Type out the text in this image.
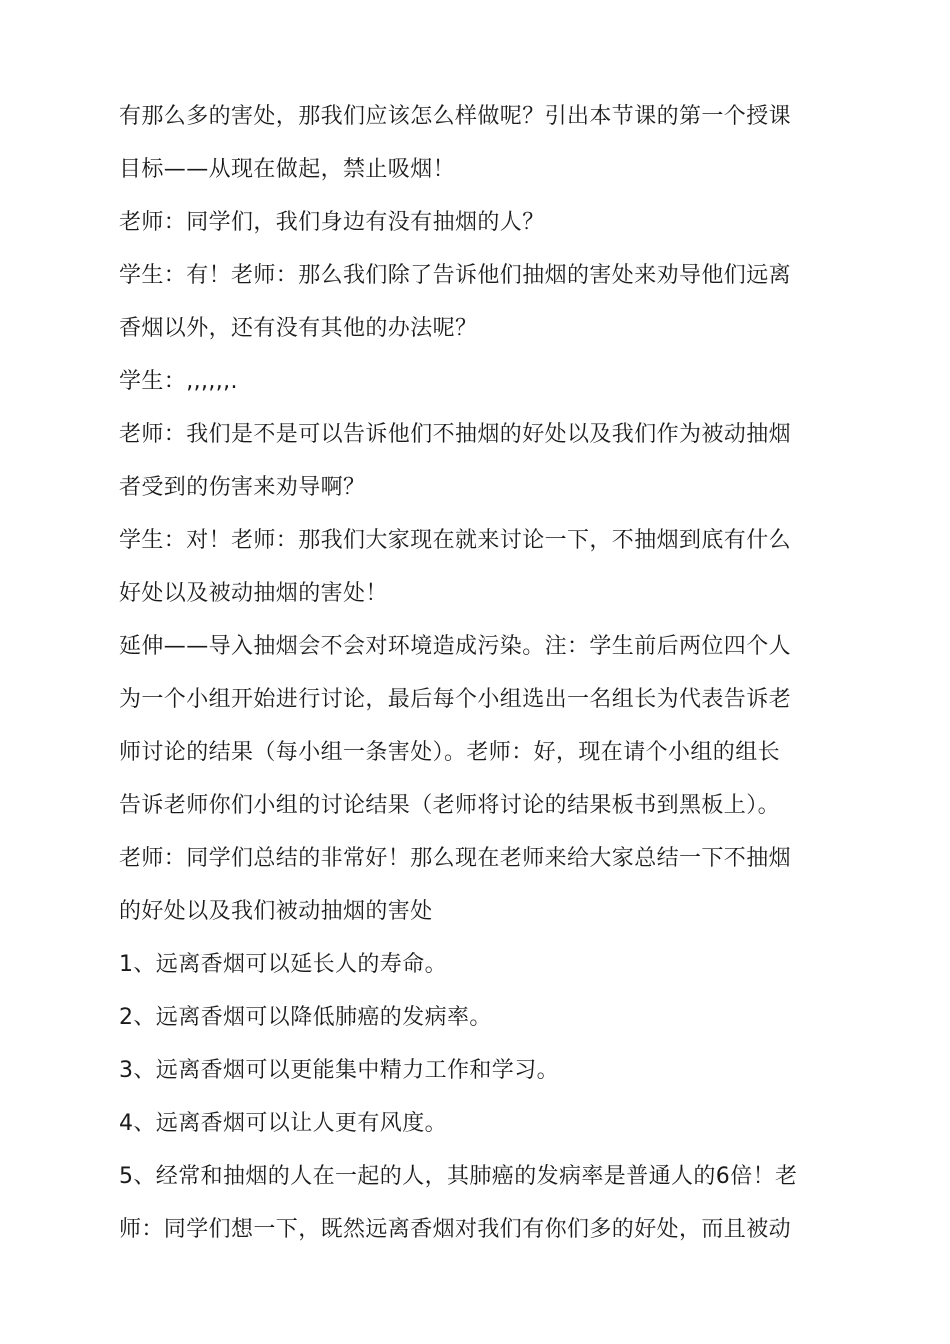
有那么多的害处，那我们应该怎么样做呢？引出本节课的第一个授课
目标——从现在做起，禁止吸烟！
老师：同学们，我们身边有没有抽烟的人？
学生：有！老师：那么我们除了告诉他们抽烟的害处来劝导他们远离
香烟以外，还有没有其他的办法呢？
学生：,,,,,,.
老师：我们是不是可以告诉他们不抽烟的好处以及我们作为被动抽烟
者受到的伤害来劝导啊？
学生：对！老师：那我们大家现在就来讨论一下，不抽烟到底有什么
好处以及被动抽烟的害处！
延伸——导入抽烟会不会对环境造成污染。注：学生前后两位四个人
为一个小组开始进行讨论，最后每个小组选出一名组长为代表告诉老
师讨论的结果（每小组一条害处）。老师：好，现在请个小组的组长
告诉老师你们小组的讨论结果（老师将讨论的结果板书到黑板上）。
老师：同学们总结的非常好！那么现在老师来给大家总结一下不抽烟
的好处以及我们被动抽烟的害处
1、远离香烟可以延长人的寿命。
2、远离香烟可以降低肺癌的发病率。
3、远离香烟可以更能集中精力工作和学习。
4、远离香烟可以让人更有风度。
5、经常和抽烟的人在一起的人，其肺癌的发病率是普通人的6倍！老
师：同学们想一下，既然远离香烟对我们有你们多的好处，而且被动
